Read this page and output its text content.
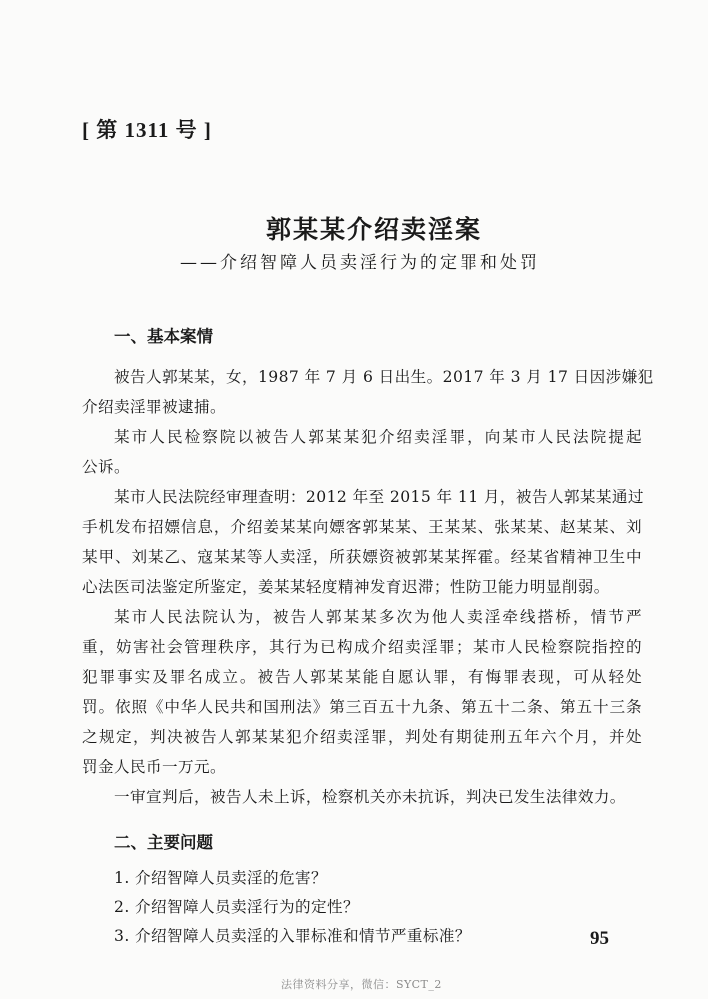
[ 第 1311 号 ]
郭某某介绍卖淫案
——介绍智障人员卖淫行为的定罪和处罚
一、基本案情
被告人郭某某，女，1987 年 7 月 6 日出生。2017 年 3 月 17 日因涉嫌犯
介绍卖淫罪被逮捕。
某市人民检察院以被告人郭某某犯介绍卖淫罪，向某市人民法院提起
公诉。
某市人民法院经审理查明：2012 年至 2015 年 11 月，被告人郭某某通过
手机发布招嫖信息，介绍姜某某向嫖客郭某某、王某某、张某某、赵某某、刘
某甲、刘某乙、寇某某等人卖淫，所获嫖资被郭某某挥霍。经某省精神卫生中
心法医司法鉴定所鉴定，姜某某轻度精神发育迟滞；性防卫能力明显削弱。
某市人民法院认为，被告人郭某某多次为他人卖淫牵线搭桥，情节严
重，妨害社会管理秩序，其行为已构成介绍卖淫罪；某市人民检察院指控的
犯罪事实及罪名成立。被告人郭某某能自愿认罪，有悔罪表现，可从轻处
罚。依照《中华人民共和国刑法》第三百五十九条、第五十二条、第五十三条
之规定，判决被告人郭某某犯介绍卖淫罪，判处有期徒刑五年六个月，并处
罚金人民币一万元。
一审宣判后，被告人未上诉，检察机关亦未抗诉，判决已发生法律效力。
二、主要问题
1. 介绍智障人员卖淫的危害？
2. 介绍智障人员卖淫行为的定性？
3. 介绍智障人员卖淫的入罪标准和情节严重标准？	95
法律资料分享，微信：SYCT_2
